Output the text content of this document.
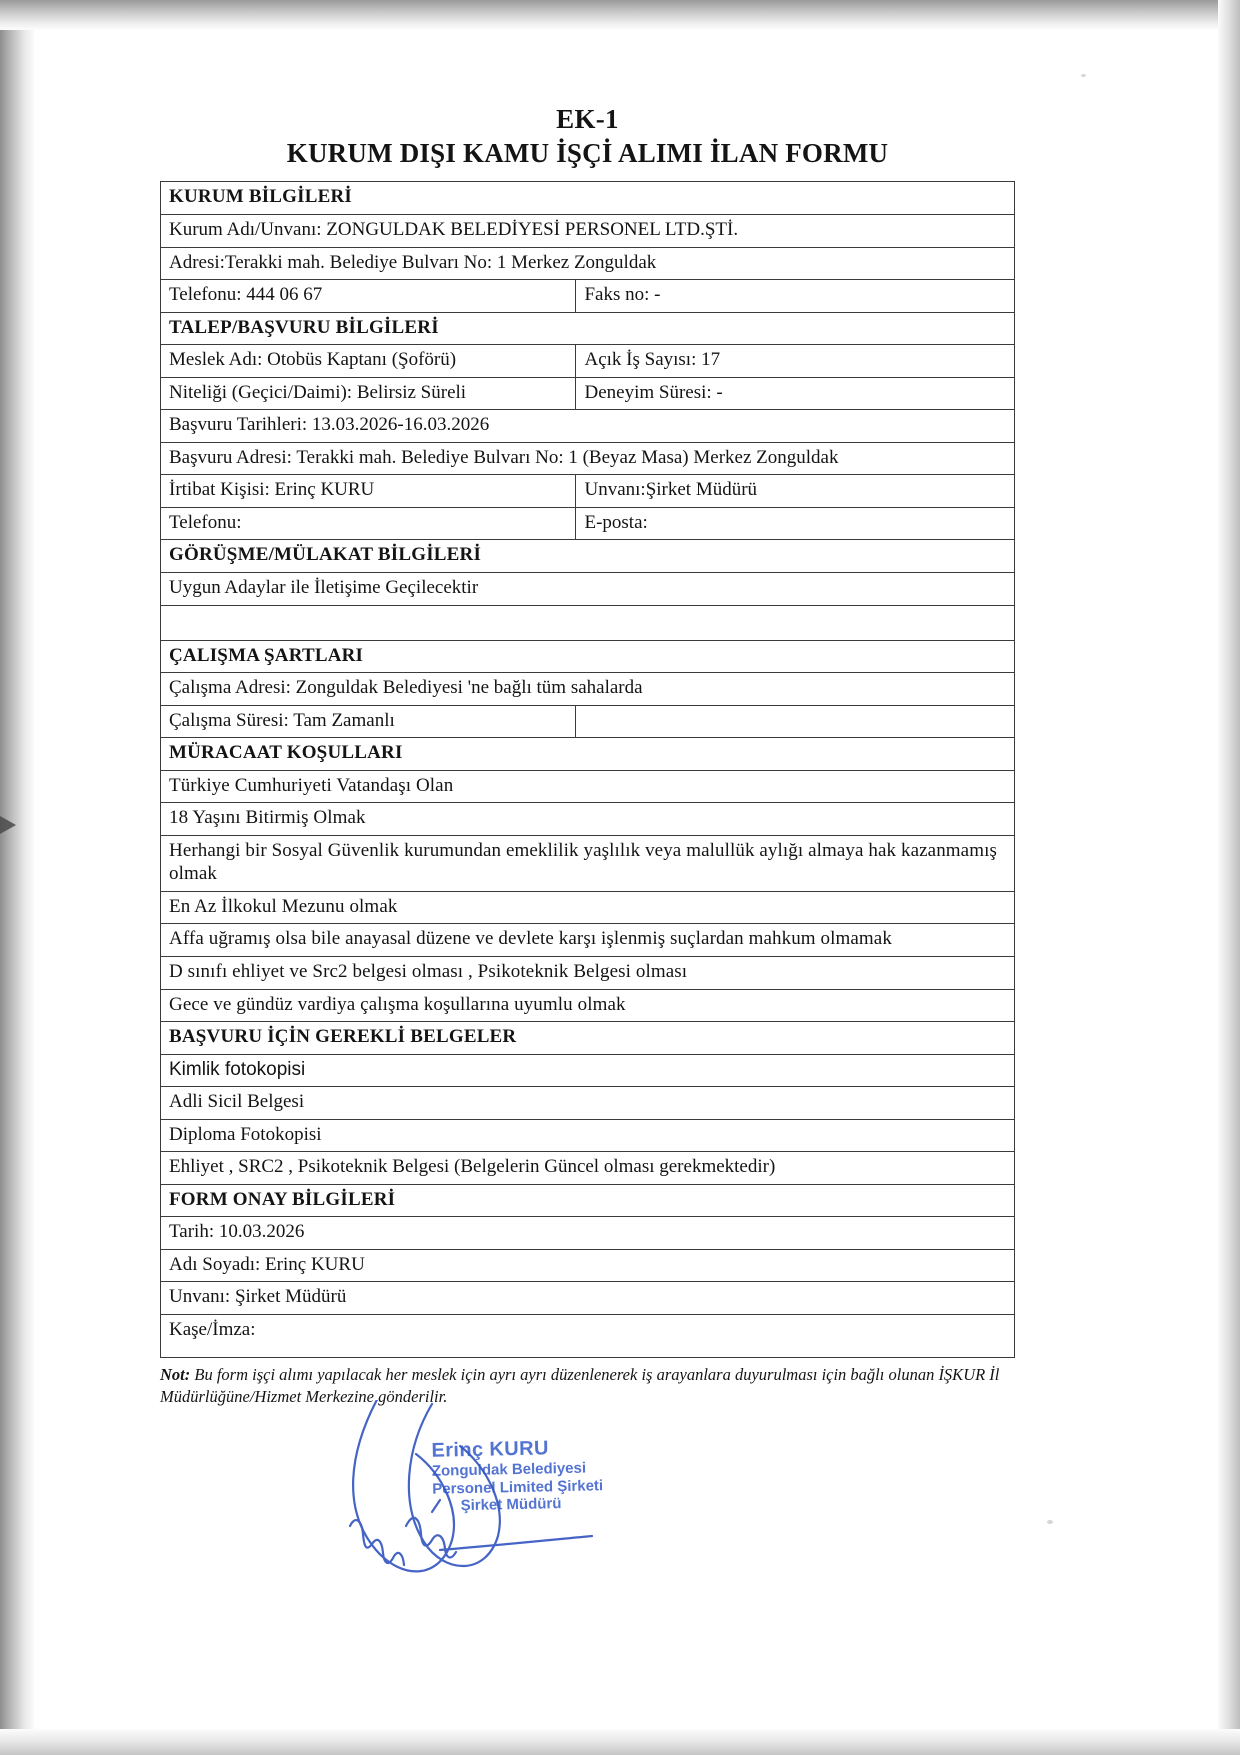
EK-1
KURUM DIŞI KAMU İŞÇİ ALIMI İLAN FORMU
KURUM BİLGİLERİ	
Kurum Adı/Unvanı: ZONGULDAK BELEDİYESİ PERSONEL LTD.ŞTİ.	
Adresi:Terakki mah. Belediye Bulvarı No: 1 Merkez Zonguldak	
Telefonu: 444 06 67	Faks no: -
TALEP/BAŞVURU BİLGİLERİ	
Meslek Adı: Otobüs Kaptanı (Şoförü)	Açık İş Sayısı: 17
Niteliği (Geçici/Daimi): Belirsiz Süreli	Deneyim Süresi: -
Başvuru Tarihleri: 13.03.2026-16.03.2026	
Başvuru Adresi: Terakki mah. Belediye Bulvarı No: 1 (Beyaz Masa) Merkez Zonguldak	
İrtibat Kişisi: Erinç KURU	Unvanı:Şirket Müdürü
Telefonu:	E-posta:
GÖRÜŞME/MÜLAKAT BİLGİLERİ	
Uygun Adaylar ile İletişime Geçilecektir	

ÇALIŞMA ŞARTLARI	
Çalışma Adresi: Zonguldak Belediyesi 'ne bağlı tüm sahalarda	
Çalışma Süresi: Tam Zamanlı	
MÜRACAAT KOŞULLARI	
Türkiye Cumhuriyeti Vatandaşı Olan	
18 Yaşını Bitirmiş Olmak	
Herhangi bir Sosyal Güvenlik kurumundan emeklilik yaşlılık veya malullük aylığı almaya hak kazanmamış olmak	
En Az İlkokul Mezunu olmak	
Affa uğramış olsa bile anayasal düzene ve devlete karşı işlenmiş suçlardan mahkum olmamak	
D sınıfı ehliyet ve Src2 belgesi olması , Psikoteknik Belgesi olması	
Gece ve gündüz vardiya çalışma koşullarına uyumlu olmak	
BAŞVURU İÇİN GEREKLİ BELGELER	
Kimlik fotokopisi	
Adli Sicil Belgesi	
Diploma Fotokopisi	
Ehliyet , SRC2 , Psikoteknik Belgesi (Belgelerin Güncel olması gerekmektedir)	
FORM ONAY BİLGİLERİ	
Tarih: 10.03.2026	
Adı Soyadı: Erinç KURU	
Unvanı: Şirket Müdürü	
Kaşe/İmza:	
Not: Bu form işçi alımı yapılacak her meslek için ayrı ayrı düzenlenerek iş arayanlara duyurulması için bağlı olunan İŞKUR İl Müdürlüğüne/Hizmet Merkezine gönderilir.
Erinç KURU
Zonguldak Belediyesi
Personel Limited Şirketi
Şirket Müdürü
